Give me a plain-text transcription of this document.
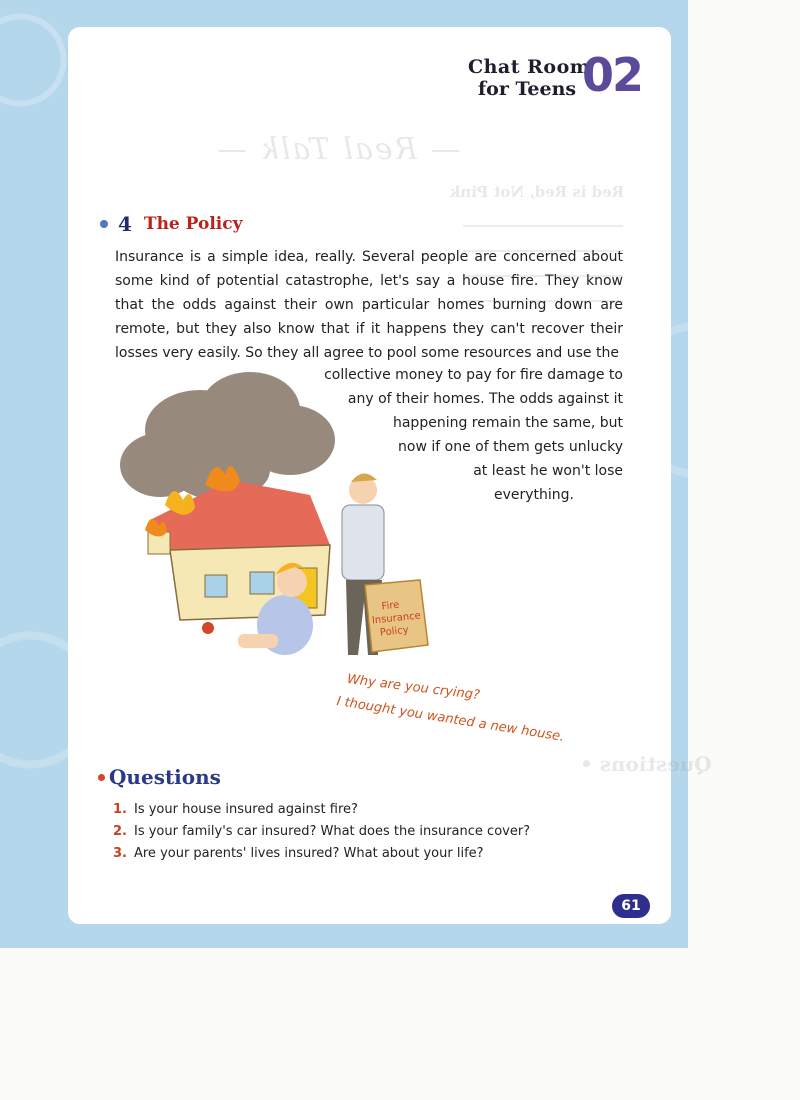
— Real Talk —
Red is Red, Not Pink
Questions •
Chat Room
for Teens 02
4 The Policy

Insurance is a simple idea, really. Several people are concerned about some kind of potential catastrophe, let's say a house fire. They know that the odds against their own particular homes burning down are remote, but they also know that if it happens they can't recover their losses very easily. So they all agree to pool some resources and use the

collective money to pay for fire damage to
any of their homes. The odds against it
happening remain the same, but
now if one of them gets unlucky
at least he won't lose
everything.
Fire
Insurance
Policy
Why are you crying?
I thought you wanted a new house.
Questions
1. Is your house insured against fire?
2. Is your family's car insured? What does the insurance cover?
3. Are your parents' lives insured? What about your life?
61
